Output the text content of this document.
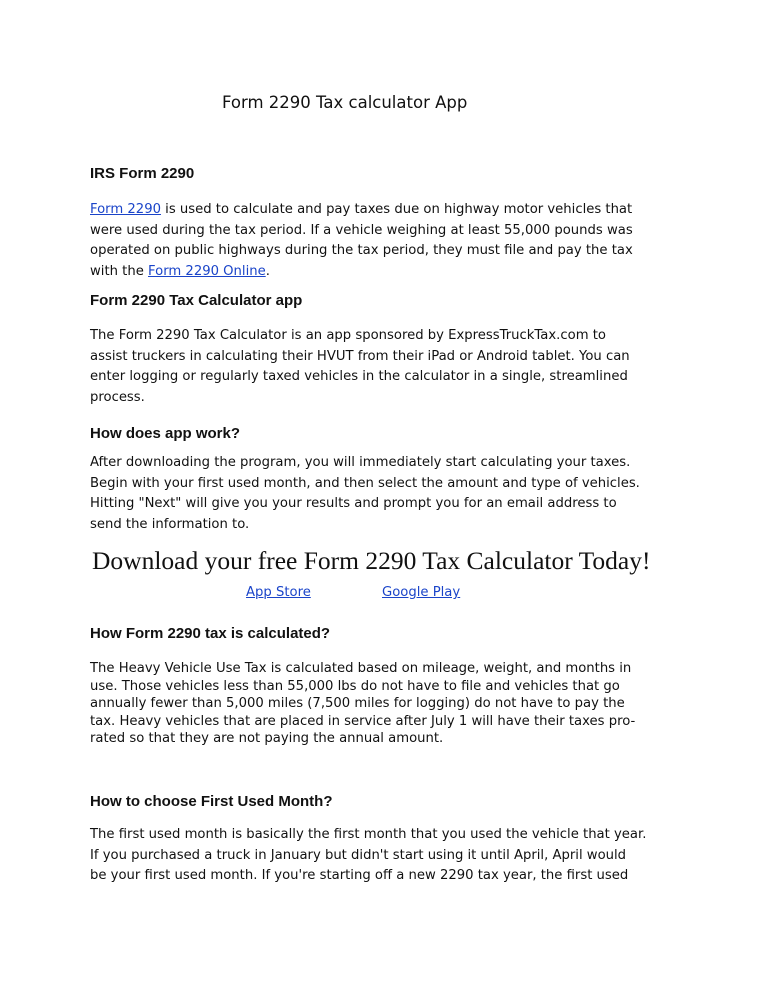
Form 2290 Tax calculator App
IRS Form 2290
Form 2290 is used to calculate and pay taxes due on highway motor vehicles that
were used during the tax period. If a vehicle weighing at least 55,000 pounds was
operated on public highways during the tax period, they must file and pay the tax
with the Form 2290 Online.
Form 2290 Tax Calculator app
The Form 2290 Tax Calculator is an app sponsored by ExpressTruckTax.com to
assist truckers in calculating their HVUT from their iPad or Android tablet. You can
enter logging or regularly taxed vehicles in the calculator in a single, streamlined
process.
How does app work?
After downloading the program, you will immediately start calculating your taxes.
Begin with your first used month, and then select the amount and type of vehicles.
Hitting "Next" will give you your results and prompt you for an email address to
send the information to.
Download your free Form 2290 Tax Calculator Today!
App Store	Google Play
How Form 2290 tax is calculated?
The Heavy Vehicle Use Tax is calculated based on mileage, weight, and months in
use. Those vehicles less than 55,000 lbs do not have to file and vehicles that go
annually fewer than 5,000 miles (7,500 miles for logging) do not have to pay the
tax. Heavy vehicles that are placed in service after July 1 will have their taxes pro-
rated so that they are not paying the annual amount.
How to choose First Used Month?
The first used month is basically the first month that you used the vehicle that year.
If you purchased a truck in January but didn't start using it until April, April would
be your first used month. If you're starting off a new 2290 tax year, the first used
